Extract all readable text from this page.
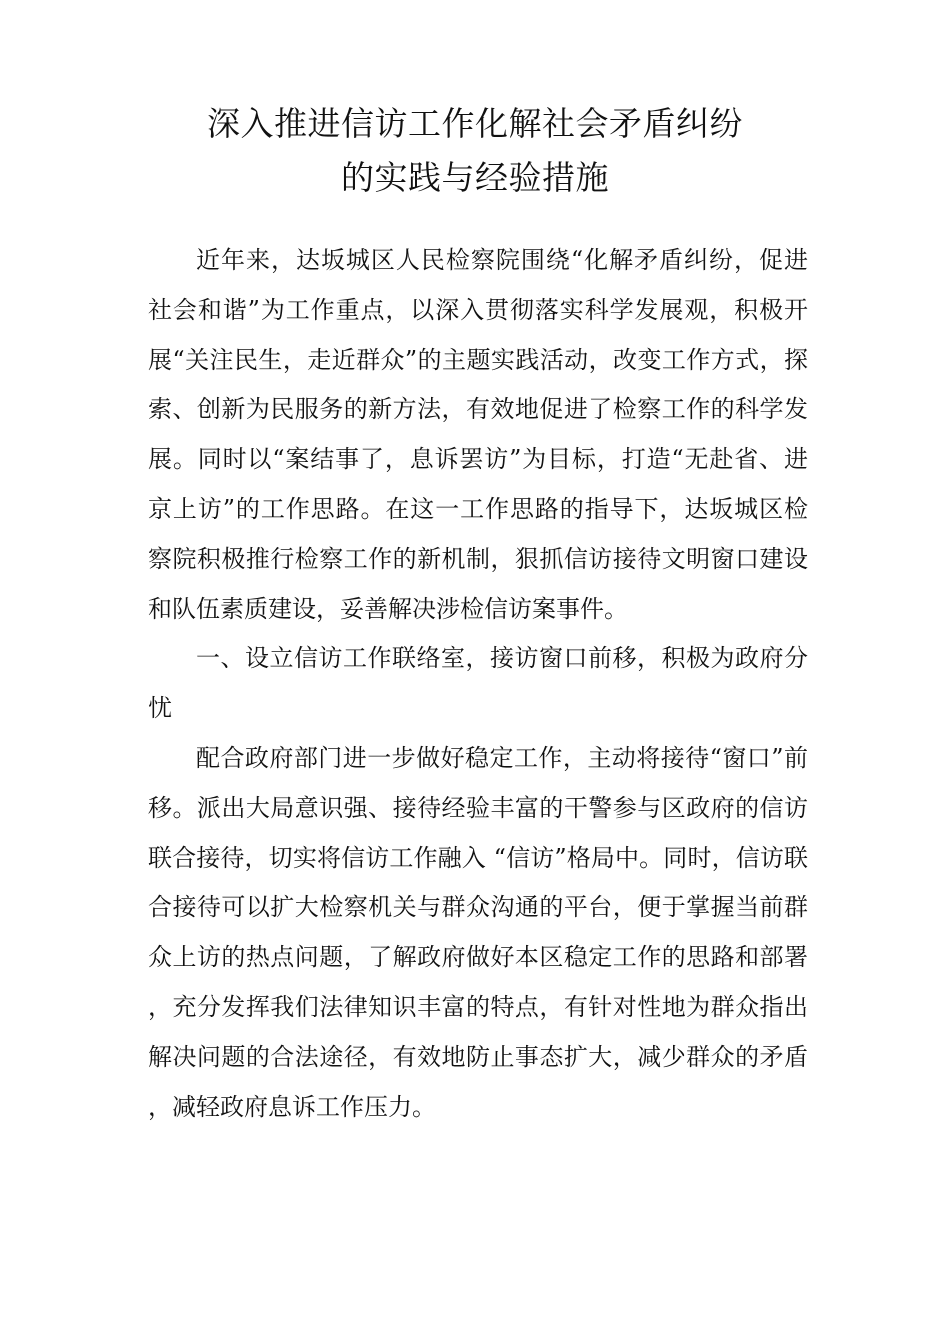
深入推进信访工作化解社会矛盾纠纷
的实践与经验措施

近年来，达坂城区人民检察院围绕“化解矛盾纠纷，促进社会和谐”为工作重点，以深入贯彻落实科学发展观，积极开展“关注民生，走近群众”的主题实践活动，改变工作方式，探索、创新为民服务的新方法，有效地促进了检察工作的科学发展。同时以“案结事了，息诉罢访”为目标，打造“无赴省、进京上访”的工作思路。在这一工作思路的指导下，达坂城区检察院积极推行检察工作的新机制，狠抓信访接待文明窗口建设和队伍素质建设，妥善解决涉检信访案事件。

一、设立信访工作联络室，接访窗口前移，积极为政府分忧

配合政府部门进一步做好稳定工作，主动将接待“窗口”前移。派出大局意识强、接待经验丰富的干警参与区政府的信访联合接待，切实将信访工作融入 “信访”格局中。同时，信访联合接待可以扩大检察机关与群众沟通的平台，便于掌握当前群众上访的热点问题，了解政府做好本区稳定工作的思路和部署，充分发挥我们法律知识丰富的特点，有针对性地为群众指出解决问题的合法途径，有效地防止事态扩大，减少群众的矛盾，减轻政府息诉工作压力。
